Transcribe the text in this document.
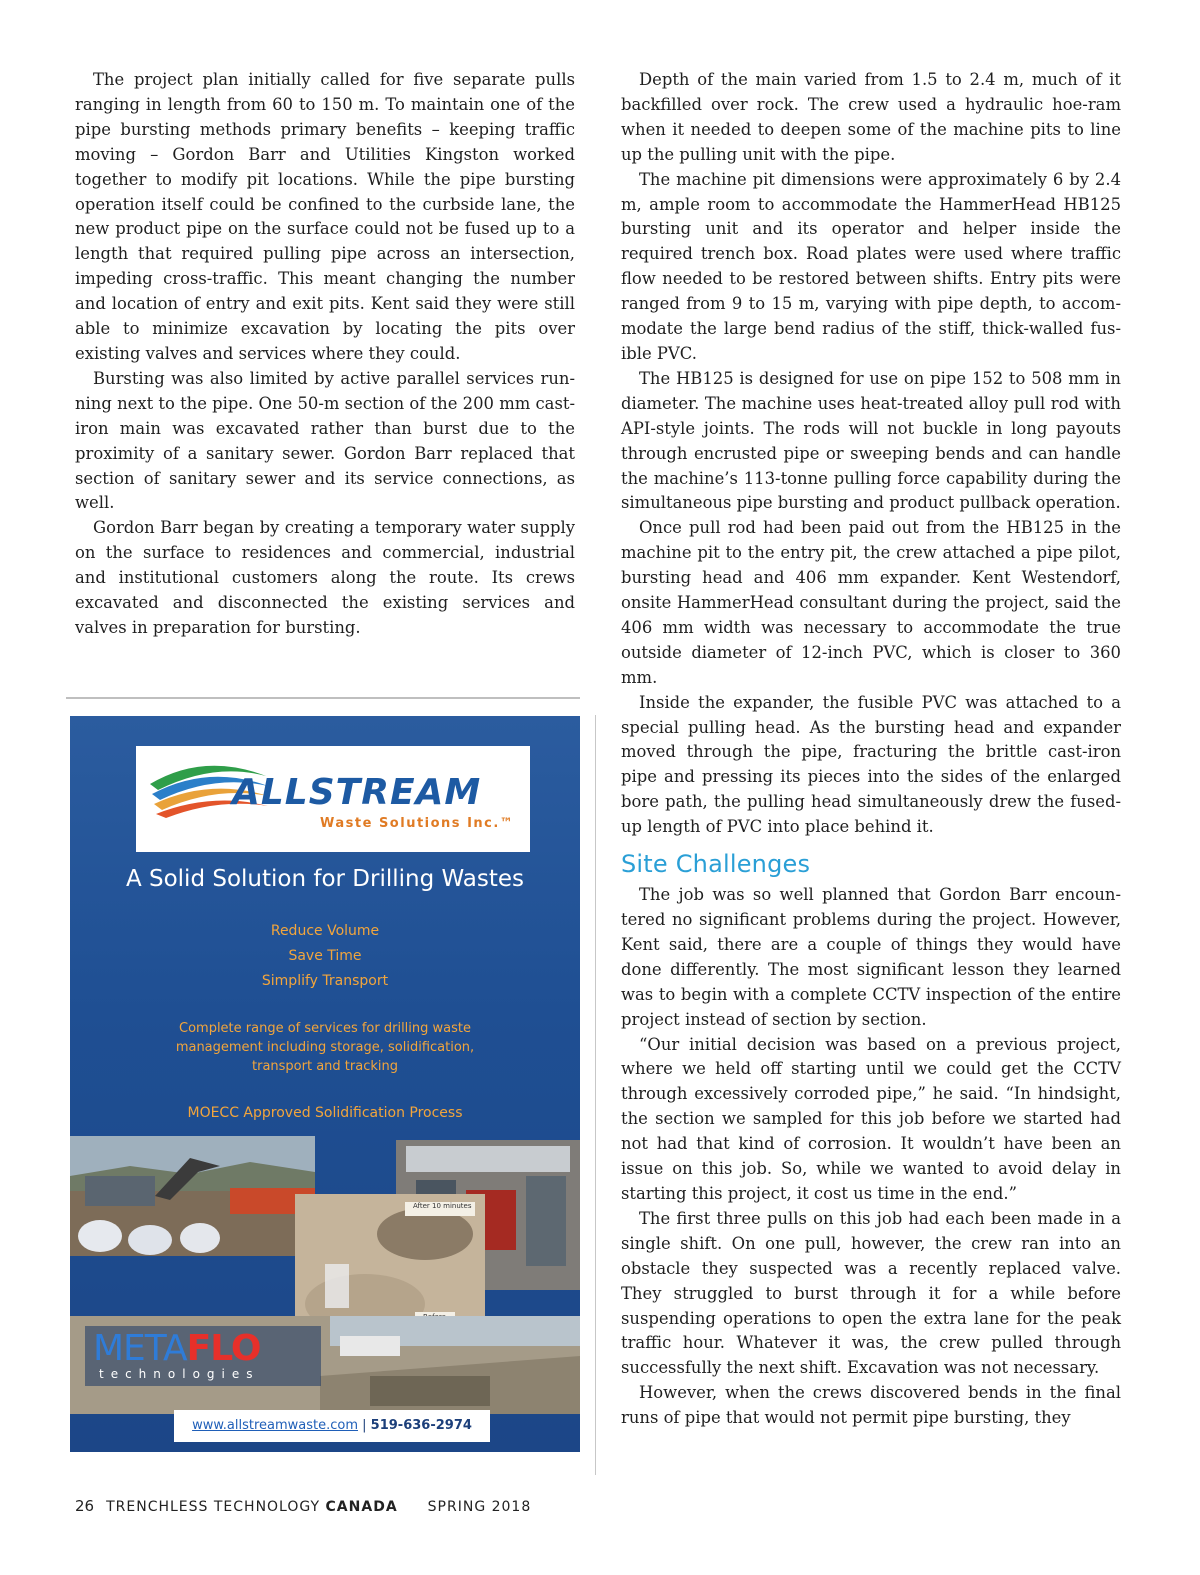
The project plan initially called for five separate pulls ranging in length from 60 to 150 m. To maintain one of the pipe bursting methods primary benefits – keeping traffic moving – Gordon Barr and Utilities Kingston worked together to modify pit locations. While the pipe bursting operation itself could be confined to the curbside lane, the new product pipe on the surface could not be fused up to a length that required pulling pipe across an intersection, impeding cross-traffic. This meant changing the number and location of entry and exit pits. Kent said they were still able to minimize excavation by locating the pits over existing valves and services where they could.

Bursting was also limited by active parallel services running next to the pipe. One 50-m section of the 200 mm cast-iron main was excavated rather than burst due to the proximity of a sanitary sewer. Gordon Barr replaced that section of sanitary sewer and its service connections, as well.

Gordon Barr began by creating a temporary water supply on the surface to residences and commercial, industrial and institutional customers along the route. Its crews excavated and disconnected the existing services and valves in preparation for bursting.

Depth of the main varied from 1.5 to 2.4 m, much of it backfilled over rock. The crew used a hydraulic hoe-ram when it needed to deepen some of the machine pits to line up the pulling unit with the pipe.

The machine pit dimensions were approximately 6 by 2.4 m, ample room to accommodate the HammerHead HB125 bursting unit and its operator and helper inside the required trench box. Road plates were used where traffic flow needed to be restored between shifts. Entry pits were ranged from 9 to 15 m, varying with pipe depth, to accommodate the large bend radius of the stiff, thick-walled fusible PVC.

The HB125 is designed for use on pipe 152 to 508 mm in diameter. The machine uses heat-treated alloy pull rod with API-style joints. The rods will not buckle in long payouts through encrusted pipe or sweeping bends and can handle the machine’s 113-tonne pulling force capability during the simultaneous pipe bursting and product pullback operation.

Once pull rod had been paid out from the HB125 in the machine pit to the entry pit, the crew attached a pipe pilot, bursting head and 406 mm expander. Kent Westendorf, onsite HammerHead consultant during the project, said the 406 mm width was necessary to accommodate the true outside diameter of 12-inch PVC, which is closer to 360 mm.

Inside the expander, the fusible PVC was attached to a special pulling head. As the bursting head and expander moved through the pipe, fracturing the brittle cast-iron pipe and pressing its pieces into the sides of the enlarged bore path, the pulling head simultaneously drew the fused-up length of PVC into place behind it.

Site Challenges

The job was so well planned that Gordon Barr encountered no significant problems during the project. However, Kent said, there are a couple of things they would have done differently. The most significant lesson they learned was to begin with a complete CCTV inspection of the entire project instead of section by section.

“Our initial decision was based on a previous project, where we held off starting until we could get the CCTV through excessively corroded pipe,” he said. “In hindsight, the section we sampled for this job before we started had not had that kind of corrosion. It wouldn’t have been an issue on this job. So, while we wanted to avoid delay in starting this project, it cost us time in the end.”

The first three pulls on this job had each been made in a single shift. On one pull, however, the crew ran into an obstacle they suspected was a recently replaced valve. They struggled to burst through it for a while before suspending operations to open the extra lane for the peak traffic hour. Whatever it was, the crew pulled through successfully the next shift. Excavation was not necessary.

However, when the crews discovered bends in the final runs of pipe that would not permit pipe bursting, they

ALLSTREAM
Waste Solutions Inc.™
A Solid Solution for Drilling Wastes
Reduce Volume
Save Time
Simplify Transport
Complete range of services for drilling waste management including storage, solidification, transport and tracking
MOECC Approved Solidification Process
After 10 minutes
METAFLO
technologies
www.allstreamwaste.com | 519-636-2974
26 TRENCHLESS TECHNOLOGY CANADA SPRING 2018
